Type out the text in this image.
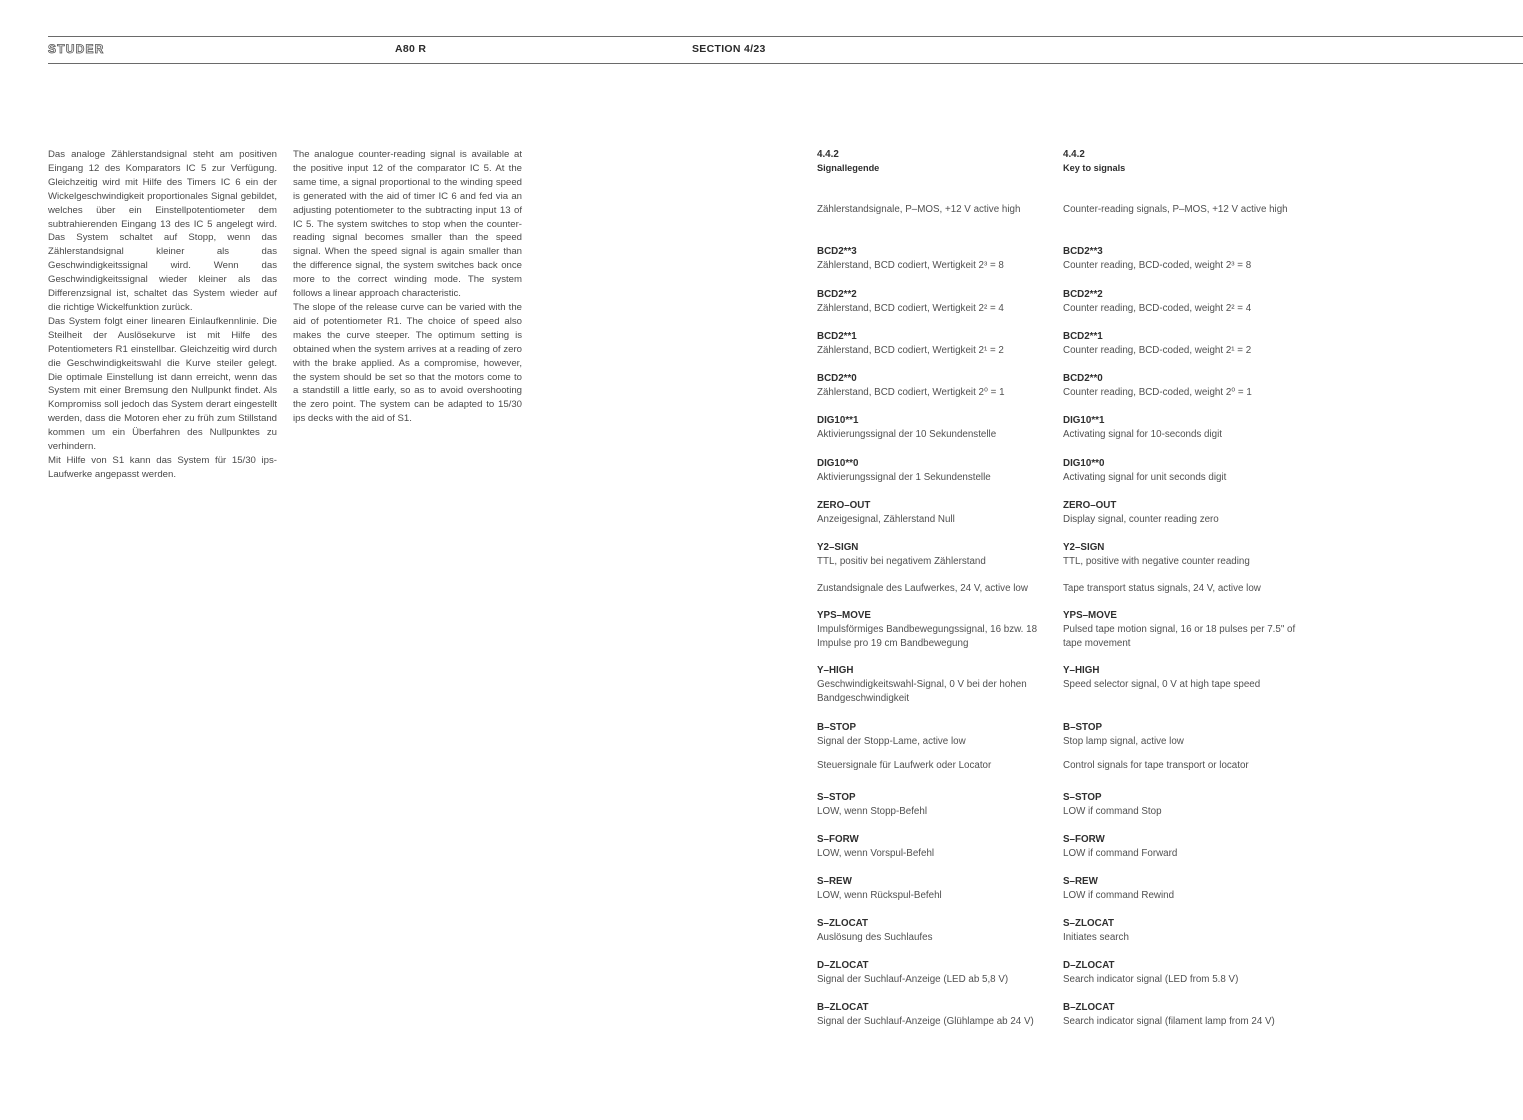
STUDER	A80 R	SECTION 4/23

Das analoge Zählerstandsignal steht am positiven Eingang 12 des Komparators IC 5 zur Verfügung. Gleichzeitig wird mit Hilfe des Timers IC 6 ein der Wickelgeschwindigkeit proportionales Signal gebildet, welches über ein Einstellpotentiometer dem subtrahierenden Eingang 13 des IC 5 angelegt wird. Das System schaltet auf Stopp, wenn das Zählerstandsignal kleiner als das Geschwindigkeitssignal wird. Wenn das Geschwindigkeitssignal wieder kleiner als das Differenzsignal ist, schaltet das System wieder auf die richtige Wickelfunktion zurück.

Das System folgt einer linearen Einlaufkennlinie. Die Steilheit der Auslösekurve ist mit Hilfe des Potentiometers R1 einstellbar. Gleichzeitig wird durch die Geschwindigkeitswahl die Kurve steiler gelegt. Die optimale Einstellung ist dann erreicht, wenn das System mit einer Bremsung den Nullpunkt findet. Als Kompromiss soll jedoch das System derart eingestellt werden, dass die Motoren eher zu früh zum Stillstand kommen um ein Überfahren des Nullpunktes zu verhindern.

Mit Hilfe von S1 kann das System für 15/30 ips-Laufwerke angepasst werden.

The analogue counter-reading signal is available at the positive input 12 of the comparator IC 5. At the same time, a signal proportional to the winding speed is generated with the aid of timer IC 6 and fed via an adjusting potentiometer to the subtracting input 13 of IC 5. The system switches to stop when the counter-reading signal becomes smaller than the speed signal. When the speed signal is again smaller than the difference signal, the system switches back once more to the correct winding mode. The system follows a linear approach characteristic.

The slope of the release curve can be varied with the aid of potentiometer R1. The choice of speed also makes the curve steeper. The optimum setting is obtained when the system arrives at a reading of zero with the brake applied. As a compromise, however, the system should be set so that the motors come to a standstill a little early, so as to avoid overshooting the zero point. The system can be adapted to 15/30 ips decks with the aid of S1.

4.4.2
Signallegende
Zählerstandsignale, P–MOS, +12 V active high
BCD2**3
Zählerstand, BCD codiert, Wertigkeit 2³ = 8
BCD2**2
Zählerstand, BCD codiert, Wertigkeit 2² = 4
BCD2**1
Zählerstand, BCD codiert, Wertigkeit 2¹ = 2
BCD2**0
Zählerstand, BCD codiert, Wertigkeit 2⁰ = 1
DIG10**1
Aktivierungssignal der 10 Sekundenstelle
DIG10**0
Aktivierungssignal der 1 Sekundenstelle
ZERO–OUT
Anzeigesignal, Zählerstand Null
Y2–SIGN
TTL, positiv bei negativem Zählerstand
Zustandsignale des Laufwerkes, 24 V, active low
YPS–MOVE
Impulsförmiges Bandbewegungssignal, 16 bzw. 18 Impulse pro 19 cm Bandbewegung
Y–HIGH
Geschwindigkeitswahl-Signal, 0 V bei der hohen Bandgeschwindigkeit
B–STOP
Signal der Stopp-Lame, active low
Steuersignale für Laufwerk oder Locator
S–STOP
LOW, wenn Stopp-Befehl
S–FORW
LOW, wenn Vorspul-Befehl
S–REW
LOW, wenn Rückspul-Befehl
S–ZLOCAT
Auslösung des Suchlaufes
D–ZLOCAT
Signal der Suchlauf-Anzeige (LED ab 5,8 V)
B–ZLOCAT
Signal der Suchlauf-Anzeige (Glühlampe ab 24 V)
4.4.2
Key to signals
Counter-reading signals, P–MOS, +12 V active high
BCD2**3
Counter reading, BCD-coded, weight 2³ = 8
BCD2**2
Counter reading, BCD-coded, weight 2² = 4
BCD2**1
Counter reading, BCD-coded, weight 2¹ = 2
BCD2**0
Counter reading, BCD-coded, weight 2⁰ = 1
DIG10**1
Activating signal for 10-seconds digit
DIG10**0
Activating signal for unit seconds digit
ZERO–OUT
Display signal, counter reading zero
Y2–SIGN
TTL, positive with negative counter reading
Tape transport status signals, 24 V, active low
YPS–MOVE
Pulsed tape motion signal, 16 or 18 pulses per 7.5" of tape movement
Y–HIGH
Speed selector signal, 0 V at high tape speed
B–STOP
Stop lamp signal, active low
Control signals for tape transport or locator
S–STOP
LOW if command Stop
S–FORW
LOW if command Forward
S–REW
LOW if command Rewind
S–ZLOCAT
Initiates search
D–ZLOCAT
Search indicator signal (LED from 5.8 V)
B–ZLOCAT
Search indicator signal (filament lamp from 24 V)
